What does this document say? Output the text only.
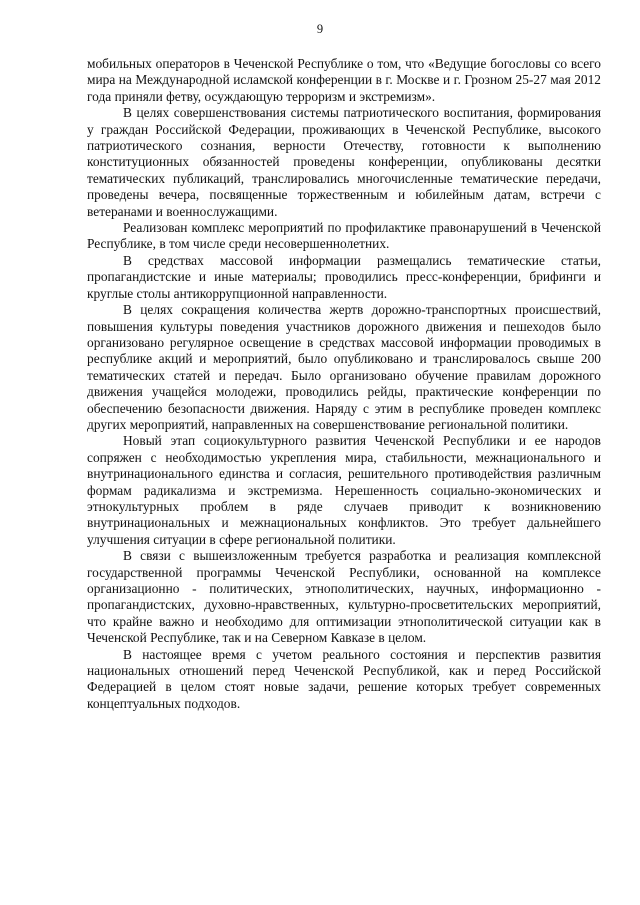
9

мобильных операторов в Чеченской Республике о том, что «Ведущие богословы со всего мира на Международной исламской конференции в г. Москве и г. Грозном 25-27 мая 2012 года приняли фетву, осуждающую терроризм и экстремизм».

В целях совершенствования системы патриотического воспитания, формирования у граждан Российской Федерации, проживающих в Чеченской Республике, высокого патриотического сознания, верности Отечеству, готовности к выполнению конституционных обязанностей проведены конференции, опубликованы десятки тематических публикаций, транслировались многочисленные тематические передачи, проведены вечера, посвященные торжественным и юбилейным датам, встречи с ветеранами и военнослужащими.

Реализован комплекс мероприятий по профилактике правонарушений в Чеченской Республике, в том числе среди несовершеннолетних.

В средствах массовой информации размещались тематические статьи, пропагандистские и иные материалы; проводились пресс-конференции, брифинги и круглые столы антикоррупционной направленности.

В целях сокращения количества жертв дорожно-транспортных происшествий, повышения культуры поведения участников дорожного движения и пешеходов было организовано регулярное освещение в средствах массовой информации проводимых в республике акций и мероприятий, было опубликовано и транслировалось свыше 200 тематических статей и передач. Было организовано обучение правилам дорожного движения учащейся молодежи, проводились рейды, практические конференции по обеспечению безопасности движения. Наряду с этим в республике проведен комплекс других мероприятий, направленных на совершенствование региональной политики.

Новый этап социокультурного развития Чеченской Республики и ее народов сопряжен с необходимостью укрепления мира, стабильности, межнационального и внутринационального единства и согласия, решительного противодействия различным формам радикализма и экстремизма. Нерешенность социально-экономических и этнокультурных проблем в ряде случаев приводит к возникновению внутринациональных и межнациональных конфликтов. Это требует дальнейшего улучшения ситуации в сфере региональной политики.

В связи с вышеизложенным требуется разработка и реализация комплексной государственной программы Чеченской Республики, основанной на комплексе организационно - политических, этнополитических, научных, информационно - пропагандистских, духовно-нравственных, культурно-просветительских мероприятий, что крайне важно и необходимо для оптимизации этнополитической ситуации как в Чеченской Республике, так и на Северном Кавказе в целом.

В настоящее время с учетом реального состояния и перспектив развития национальных отношений перед Чеченской Республикой, как и перед Российской Федерацией в целом стоят новые задачи, решение которых требует современных концептуальных подходов.
